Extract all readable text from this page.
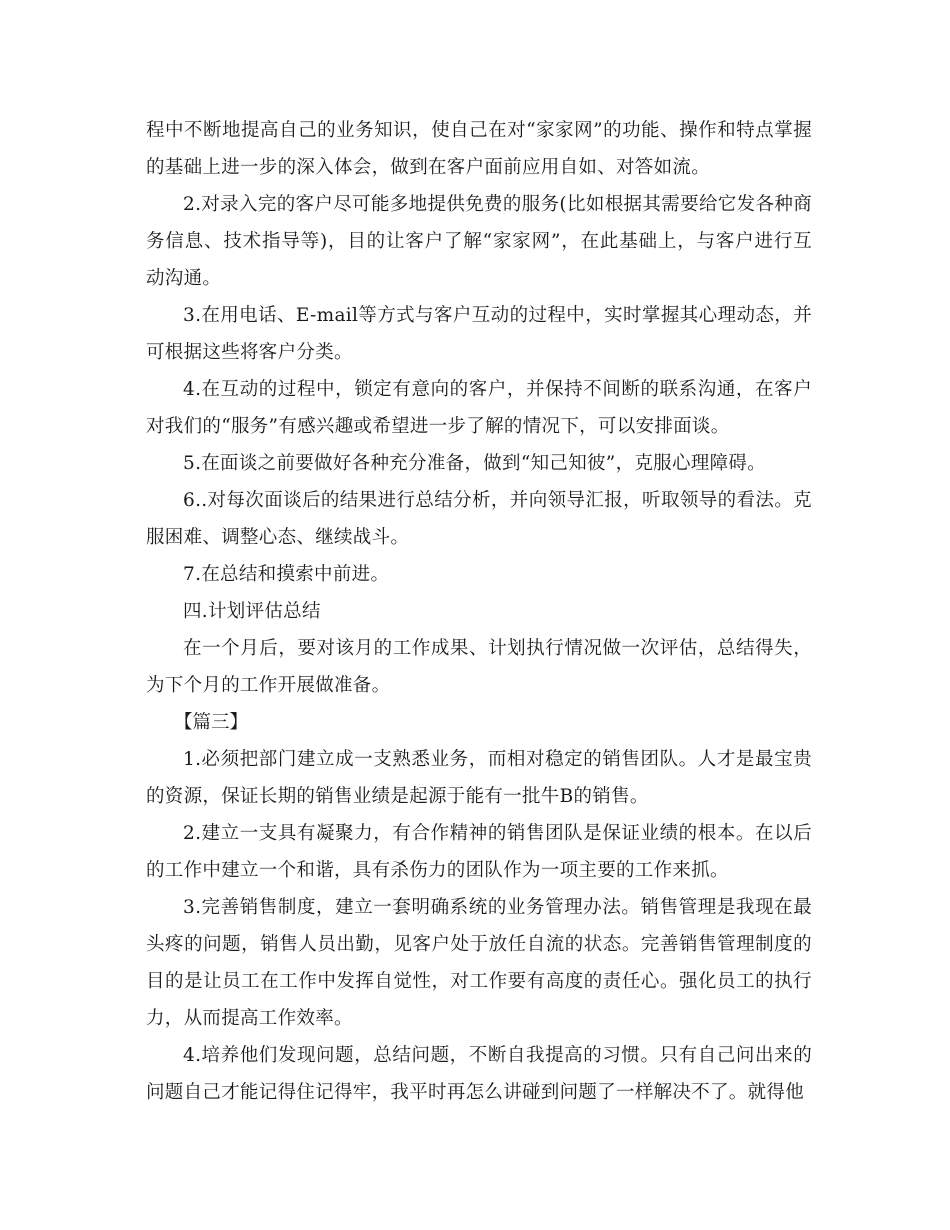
程中不断地提高自己的业务知识，使自己在对“家家网”的功能、操作和特点掌握的基础上进一步的深入体会，做到在客户面前应用自如、对答如流。

2.对录入完的客户尽可能多地提供免费的服务(比如根据其需要给它发各种商务信息、技术指导等)，目的让客户了解“家家网”，在此基础上，与客户进行互动沟通。

3.在用电话、E-mail等方式与客户互动的过程中，实时掌握其心理动态，并可根据这些将客户分类。

4.在互动的过程中，锁定有意向的客户，并保持不间断的联系沟通，在客户对我们的“服务”有感兴趣或希望进一步了解的情况下，可以安排面谈。

5.在面谈之前要做好各种充分准备，做到“知己知彼”，克服心理障碍。

6..对每次面谈后的结果进行总结分析，并向领导汇报，听取领导的看法。克服困难、调整心态、继续战斗。

7.在总结和摸索中前进。

四.计划评估总结

在一个月后，要对该月的工作成果、计划执行情况做一次评估，总结得失，为下个月的工作开展做准备。

【篇三】

1.必须把部门建立成一支熟悉业务，而相对稳定的销售团队。人才是最宝贵的资源，保证长期的销售业绩是起源于能有一批牛B的销售。

2.建立一支具有凝聚力，有合作精神的销售团队是保证业绩的根本。在以后的工作中建立一个和谐，具有杀伤力的团队作为一项主要的工作来抓。

3.完善销售制度，建立一套明确系统的业务管理办法。销售管理是我现在最头疼的问题，销售人员出勤，见客户处于放任自流的状态。完善销售管理制度的目的是让员工在工作中发挥自觉性，对工作要有高度的责任心。强化员工的执行力，从而提高工作效率。

4.培养他们发现问题，总结问题，不断自我提高的习惯。只有自己问出来的问题自己才能记得住记得牢，我平时再怎么讲碰到问题了一样解决不了。就得他
